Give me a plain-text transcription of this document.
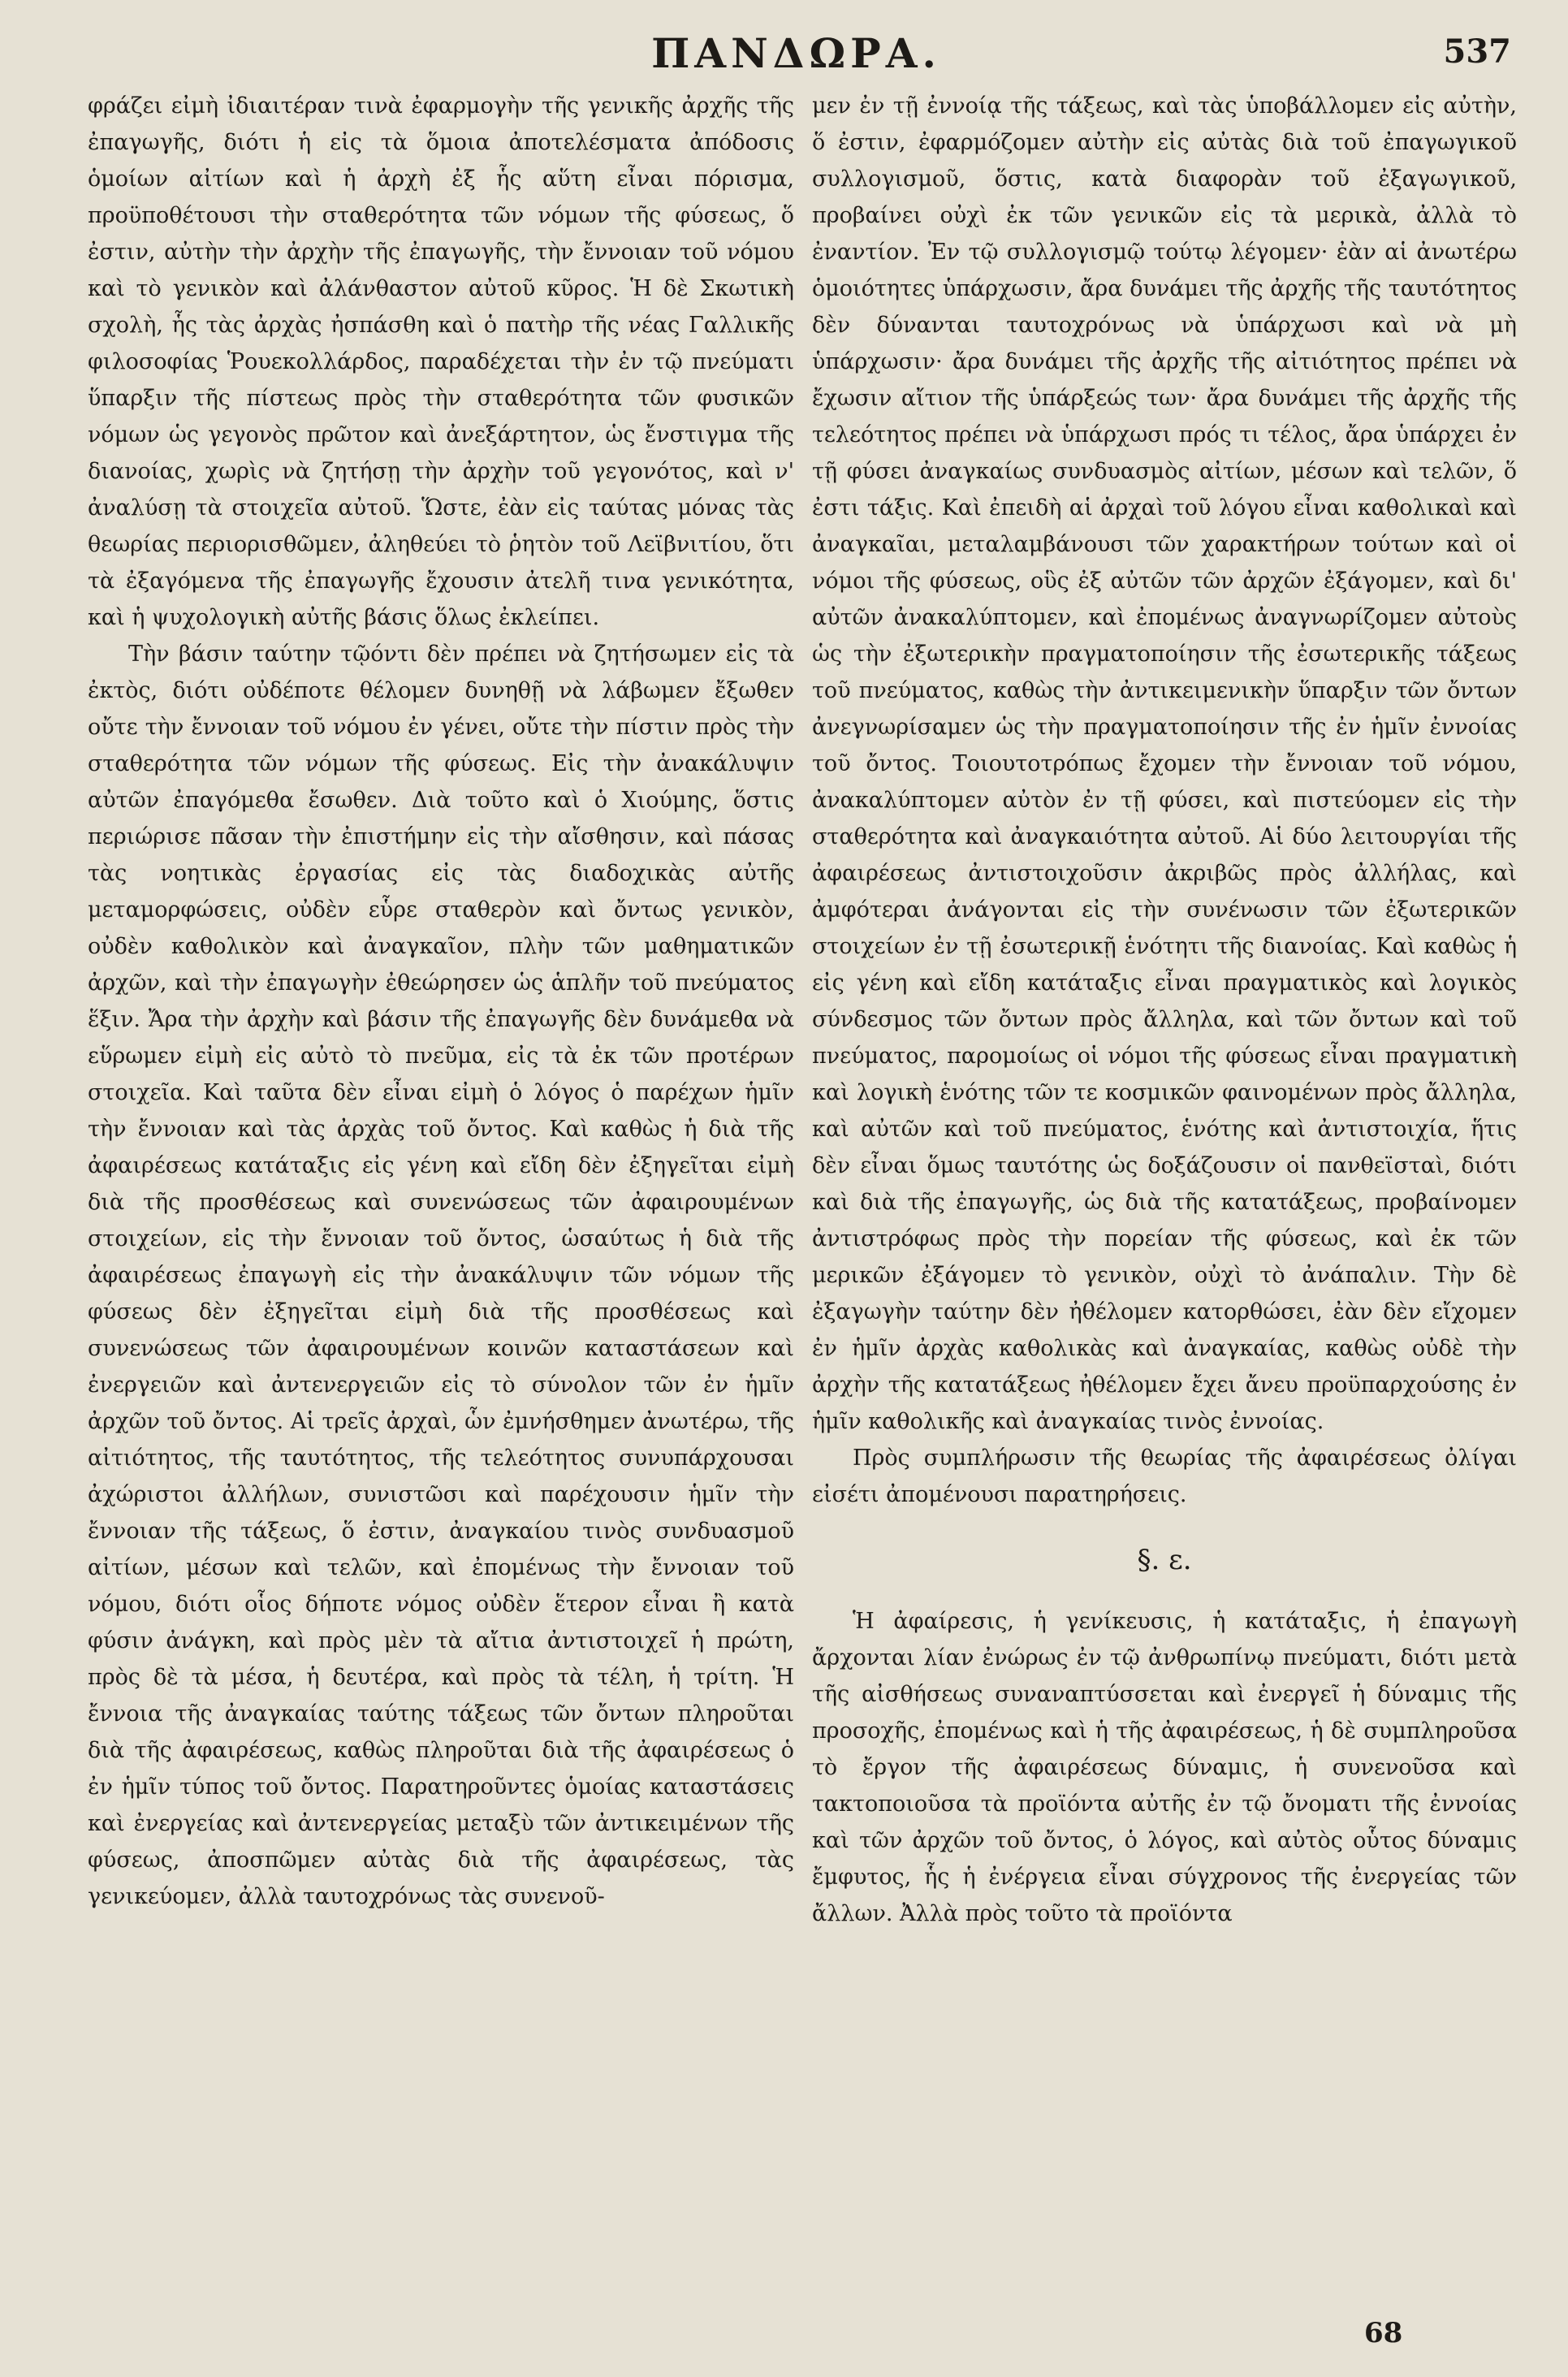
ΠΑΝΔΩΡΑ.	537

φράζει εἰμὴ ἰδιαιτέραν τινὰ ἐφαρμογὴν τῆς γενικῆς ἀρχῆς τῆς ἐπαγωγῆς, διότι ἡ εἰς τὰ ὅμοια ἀποτελέσματα ἀπόδοσις ὁμοίων αἰτίων καὶ ἡ ἀρχὴ ἐξ ἧς αὕτη εἶναι πόρισμα, προϋποθέτουσι τὴν σταθερότητα τῶν νόμων τῆς φύσεως, ὅ ἐστιν, αὐτὴν τὴν ἀρχὴν τῆς ἐπαγωγῆς, τὴν ἔννοιαν τοῦ νόμου καὶ τὸ γενικὸν καὶ ἀλάνθαστον αὐτοῦ κῦρος. Ἡ δὲ Σκωτικὴ σχολὴ, ἧς τὰς ἀρχὰς ἠσπάσθη καὶ ὁ πατὴρ τῆς νέας Γαλλικῆς φιλοσοφίας Ῥουεκολλάρδος, παραδέχεται τὴν ἐν τῷ πνεύματι ὕπαρξιν τῆς πίστεως πρὸς τὴν σταθερότητα τῶν φυσικῶν νόμων ὡς γεγονὸς πρῶτον καὶ ἀνεξάρτητον, ὡς ἔνστιγμα τῆς διανοίας, χωρὶς νὰ ζητήσῃ τὴν ἀρχὴν τοῦ γεγονότος, καὶ ν' ἀναλύσῃ τὰ στοιχεῖα αὐτοῦ. Ὥστε, ἐὰν εἰς ταύτας μόνας τὰς θεωρίας περιορισθῶμεν, ἀληθεύει τὸ ῥητὸν τοῦ Λεϊβνιτίου, ὅτι τὰ ἐξαγόμενα τῆς ἐπαγωγῆς ἔχουσιν ἀτελῆ τινα γενικότητα, καὶ ἡ ψυχολογικὴ αὐτῆς βάσις ὅλως ἐκλείπει.

Τὴν βάσιν ταύτην τῷόντι δὲν πρέπει νὰ ζητήσωμεν εἰς τὰ ἐκτὸς, διότι οὐδέποτε θέλομεν δυνηθῇ νὰ λάβωμεν ἔξωθεν οὔτε τὴν ἔννοιαν τοῦ νόμου ἐν γένει, οὔτε τὴν πίστιν πρὸς τὴν σταθερότητα τῶν νόμων τῆς φύσεως. Εἰς τὴν ἀνακάλυψιν αὐτῶν ἐπαγόμεθα ἔσωθεν. Διὰ τοῦτο καὶ ὁ Χιούμης, ὅστις περιώρισε πᾶσαν τὴν ἐπιστήμην εἰς τὴν αἴσθησιν, καὶ πάσας τὰς νοητικὰς ἐργασίας εἰς τὰς διαδοχικὰς αὐτῆς μεταμορφώσεις, οὐδὲν εὗρε σταθερὸν καὶ ὄντως γενικὸν, οὐδὲν καθολικὸν καὶ ἀναγκαῖον, πλὴν τῶν μαθηματικῶν ἀρχῶν, καὶ τὴν ἐπαγωγὴν ἐθεώρησεν ὡς ἁπλῆν τοῦ πνεύματος ἕξιν. Ἄρα τὴν ἀρχὴν καὶ βάσιν τῆς ἐπαγωγῆς δὲν δυνάμεθα νὰ εὕρωμεν εἰμὴ εἰς αὐτὸ τὸ πνεῦμα, εἰς τὰ ἐκ τῶν προτέρων στοιχεῖα. Καὶ ταῦτα δὲν εἶναι εἰμὴ ὁ λόγος ὁ παρέχων ἡμῖν τὴν ἔννοιαν καὶ τὰς ἀρχὰς τοῦ ὄντος. Καὶ καθὼς ἡ διὰ τῆς ἀφαιρέσεως κατάταξις εἰς γένη καὶ εἴδη δὲν ἐξηγεῖται εἰμὴ διὰ τῆς προσθέσεως καὶ συνενώσεως τῶν ἀφαιρουμένων στοιχείων, εἰς τὴν ἔννοιαν τοῦ ὄντος, ὡσαύτως ἡ διὰ τῆς ἀφαιρέσεως ἐπαγωγὴ εἰς τὴν ἀνακάλυψιν τῶν νόμων τῆς φύσεως δὲν ἐξηγεῖται εἰμὴ διὰ τῆς προσθέσεως καὶ συνενώσεως τῶν ἀφαιρουμένων κοινῶν καταστάσεων καὶ ἐνεργειῶν καὶ ἀντενεργειῶν εἰς τὸ σύνολον τῶν ἐν ἡμῖν ἀρχῶν τοῦ ὄντος. Αἱ τρεῖς ἀρχαὶ, ὧν ἐμνήσθημεν ἀνωτέρω, τῆς αἰτιότητος, τῆς ταυτότητος, τῆς τελεότητος συνυπάρχουσαι ἀχώριστοι ἀλλήλων, συνιστῶσι καὶ παρέχουσιν ἡμῖν τὴν ἔννοιαν τῆς τάξεως, ὅ ἐστιν, ἀναγκαίου τινὸς συνδυασμοῦ αἰτίων, μέσων καὶ τελῶν, καὶ ἐπομένως τὴν ἔννοιαν τοῦ νόμου, διότι οἷος δήποτε νόμος οὐδὲν ἕτερον εἶναι ἢ κατὰ φύσιν ἀνάγκη, καὶ πρὸς μὲν τὰ αἴτια ἀντιστοιχεῖ ἡ πρώτη, πρὸς δὲ τὰ μέσα, ἡ δευτέρα, καὶ πρὸς τὰ τέλη, ἡ τρίτη. Ἡ ἔννοια τῆς ἀναγκαίας ταύτης τάξεως τῶν ὄντων πληροῦται διὰ τῆς ἀφαιρέσεως, καθὼς πληροῦται διὰ τῆς ἀφαιρέσεως ὁ ἐν ἡμῖν τύπος τοῦ ὄντος. Παρατηροῦντες ὁμοίας καταστάσεις καὶ ἐνεργείας καὶ ἀντενεργείας μεταξὺ τῶν ἀντικειμένων τῆς φύσεως, ἀποσπῶμεν αὐτὰς διὰ τῆς ἀφαιρέσεως, τὰς γενικεύομεν, ἀλλὰ ταυτοχρόνως τὰς συνενοῦ-

μεν ἐν τῇ ἐννοίᾳ τῆς τάξεως, καὶ τὰς ὑποβάλλομεν εἰς αὐτὴν, ὅ ἐστιν, ἐφαρμόζομεν αὐτὴν εἰς αὐτὰς διὰ τοῦ ἐπαγωγικοῦ συλλογισμοῦ, ὅστις, κατὰ διαφορὰν τοῦ ἐξαγωγικοῦ, προβαίνει οὐχὶ ἐκ τῶν γενικῶν εἰς τὰ μερικὰ, ἀλλὰ τὸ ἐναντίον. Ἐν τῷ συλλογισμῷ τούτῳ λέγομεν· ἐὰν αἱ ἀνωτέρω ὁμοιότητες ὑπάρχωσιν, ἄρα δυνάμει τῆς ἀρχῆς τῆς ταυτότητος δὲν δύνανται ταυτοχρόνως νὰ ὑπάρχωσι καὶ νὰ μὴ ὑπάρχωσιν· ἄρα δυνάμει τῆς ἀρχῆς τῆς αἰτιότητος πρέπει νὰ ἔχωσιν αἴτιον τῆς ὑπάρξεώς των· ἄρα δυνάμει τῆς ἀρχῆς τῆς τελεότητος πρέπει νὰ ὑπάρχωσι πρός τι τέλος, ἄρα ὑπάρχει ἐν τῇ φύσει ἀναγκαίως συνδυασμὸς αἰτίων, μέσων καὶ τελῶν, ὅ ἐστι τάξις. Καὶ ἐπειδὴ αἱ ἀρχαὶ τοῦ λόγου εἶναι καθολικαὶ καὶ ἀναγκαῖαι, μεταλαμβάνουσι τῶν χαρακτήρων τούτων καὶ οἱ νόμοι τῆς φύσεως, οὓς ἐξ αὐτῶν τῶν ἀρχῶν ἐξάγομεν, καὶ δι' αὐτῶν ἀνακαλύπτομεν, καὶ ἐπομένως ἀναγνωρίζομεν αὐτοὺς ὡς τὴν ἐξωτερικὴν πραγματοποίησιν τῆς ἐσωτερικῆς τάξεως τοῦ πνεύματος, καθὼς τὴν ἀντικειμενικὴν ὕπαρξιν τῶν ὄντων ἀνεγνωρίσαμεν ὡς τὴν πραγματοποίησιν τῆς ἐν ἡμῖν ἐννοίας τοῦ ὄντος. Τοιουτοτρόπως ἔχομεν τὴν ἔννοιαν τοῦ νόμου, ἀνακαλύπτομεν αὐτὸν ἐν τῇ φύσει, καὶ πιστεύομεν εἰς τὴν σταθερότητα καὶ ἀναγκαιότητα αὐτοῦ. Αἱ δύο λειτουργίαι τῆς ἀφαιρέσεως ἀντιστοιχοῦσιν ἀκριβῶς πρὸς ἀλλήλας, καὶ ἀμφότεραι ἀνάγονται εἰς τὴν συνένωσιν τῶν ἐξωτερικῶν στοιχείων ἐν τῇ ἐσωτερικῇ ἑνότητι τῆς διανοίας. Καὶ καθὼς ἡ εἰς γένη καὶ εἴδη κατάταξις εἶναι πραγματικὸς καὶ λογικὸς σύνδεσμος τῶν ὄντων πρὸς ἄλληλα, καὶ τῶν ὄντων καὶ τοῦ πνεύματος, παρομοίως οἱ νόμοι τῆς φύσεως εἶναι πραγματικὴ καὶ λογικὴ ἑνότης τῶν τε κοσμικῶν φαινομένων πρὸς ἄλληλα, καὶ αὐτῶν καὶ τοῦ πνεύματος, ἑνότης καὶ ἀντιστοιχία, ἥτις δὲν εἶναι ὅμως ταυτότης ὡς δοξάζουσιν οἱ πανθεϊσταὶ, διότι καὶ διὰ τῆς ἐπαγωγῆς, ὡς διὰ τῆς κατατάξεως, προβαίνομεν ἀντιστρόφως πρὸς τὴν πορείαν τῆς φύσεως, καὶ ἐκ τῶν μερικῶν ἐξάγομεν τὸ γενικὸν, οὐχὶ τὸ ἀνάπαλιν. Τὴν δὲ ἐξαγωγὴν ταύτην δὲν ἠθέλομεν κατορθώσει, ἐὰν δὲν εἴχομεν ἐν ἡμῖν ἀρχὰς καθολικὰς καὶ ἀναγκαίας, καθὼς οὐδὲ τὴν ἀρχὴν τῆς κατατάξεως ἠθέλομεν ἔχει ἄνευ προϋπαρχούσης ἐν ἡμῖν καθολικῆς καὶ ἀναγκαίας τινὸς ἐννοίας.

Πρὸς συμπλήρωσιν τῆς θεωρίας τῆς ἀφαιρέσεως ὀλίγαι εἰσέτι ἀπομένουσι παρατηρήσεις.

§. ε.

Ἡ ἀφαίρεσις, ἡ γενίκευσις, ἡ κατάταξις, ἡ ἐπαγωγὴ ἄρχονται λίαν ἐνώρως ἐν τῷ ἀνθρωπίνῳ πνεύματι, διότι μετὰ τῆς αἰσθήσεως συναναπτύσσεται καὶ ἐνεργεῖ ἡ δύναμις τῆς προσοχῆς, ἐπομένως καὶ ἡ τῆς ἀφαιρέσεως, ἡ δὲ συμπληροῦσα τὸ ἔργον τῆς ἀφαιρέσεως δύναμις, ἡ συνενοῦσα καὶ τακτοποιοῦσα τὰ προϊόντα αὐτῆς ἐν τῷ ὄνοματι τῆς ἐννοίας καὶ τῶν ἀρχῶν τοῦ ὄντος, ὁ λόγος, καὶ αὐτὸς οὗτος δύναμις ἔμφυτος, ἧς ἡ ἐνέργεια εἶναι σύγχρονος τῆς ἐνεργείας τῶν ἄλλων. Ἀλλὰ πρὸς τοῦτο τὰ προϊόντα

68
